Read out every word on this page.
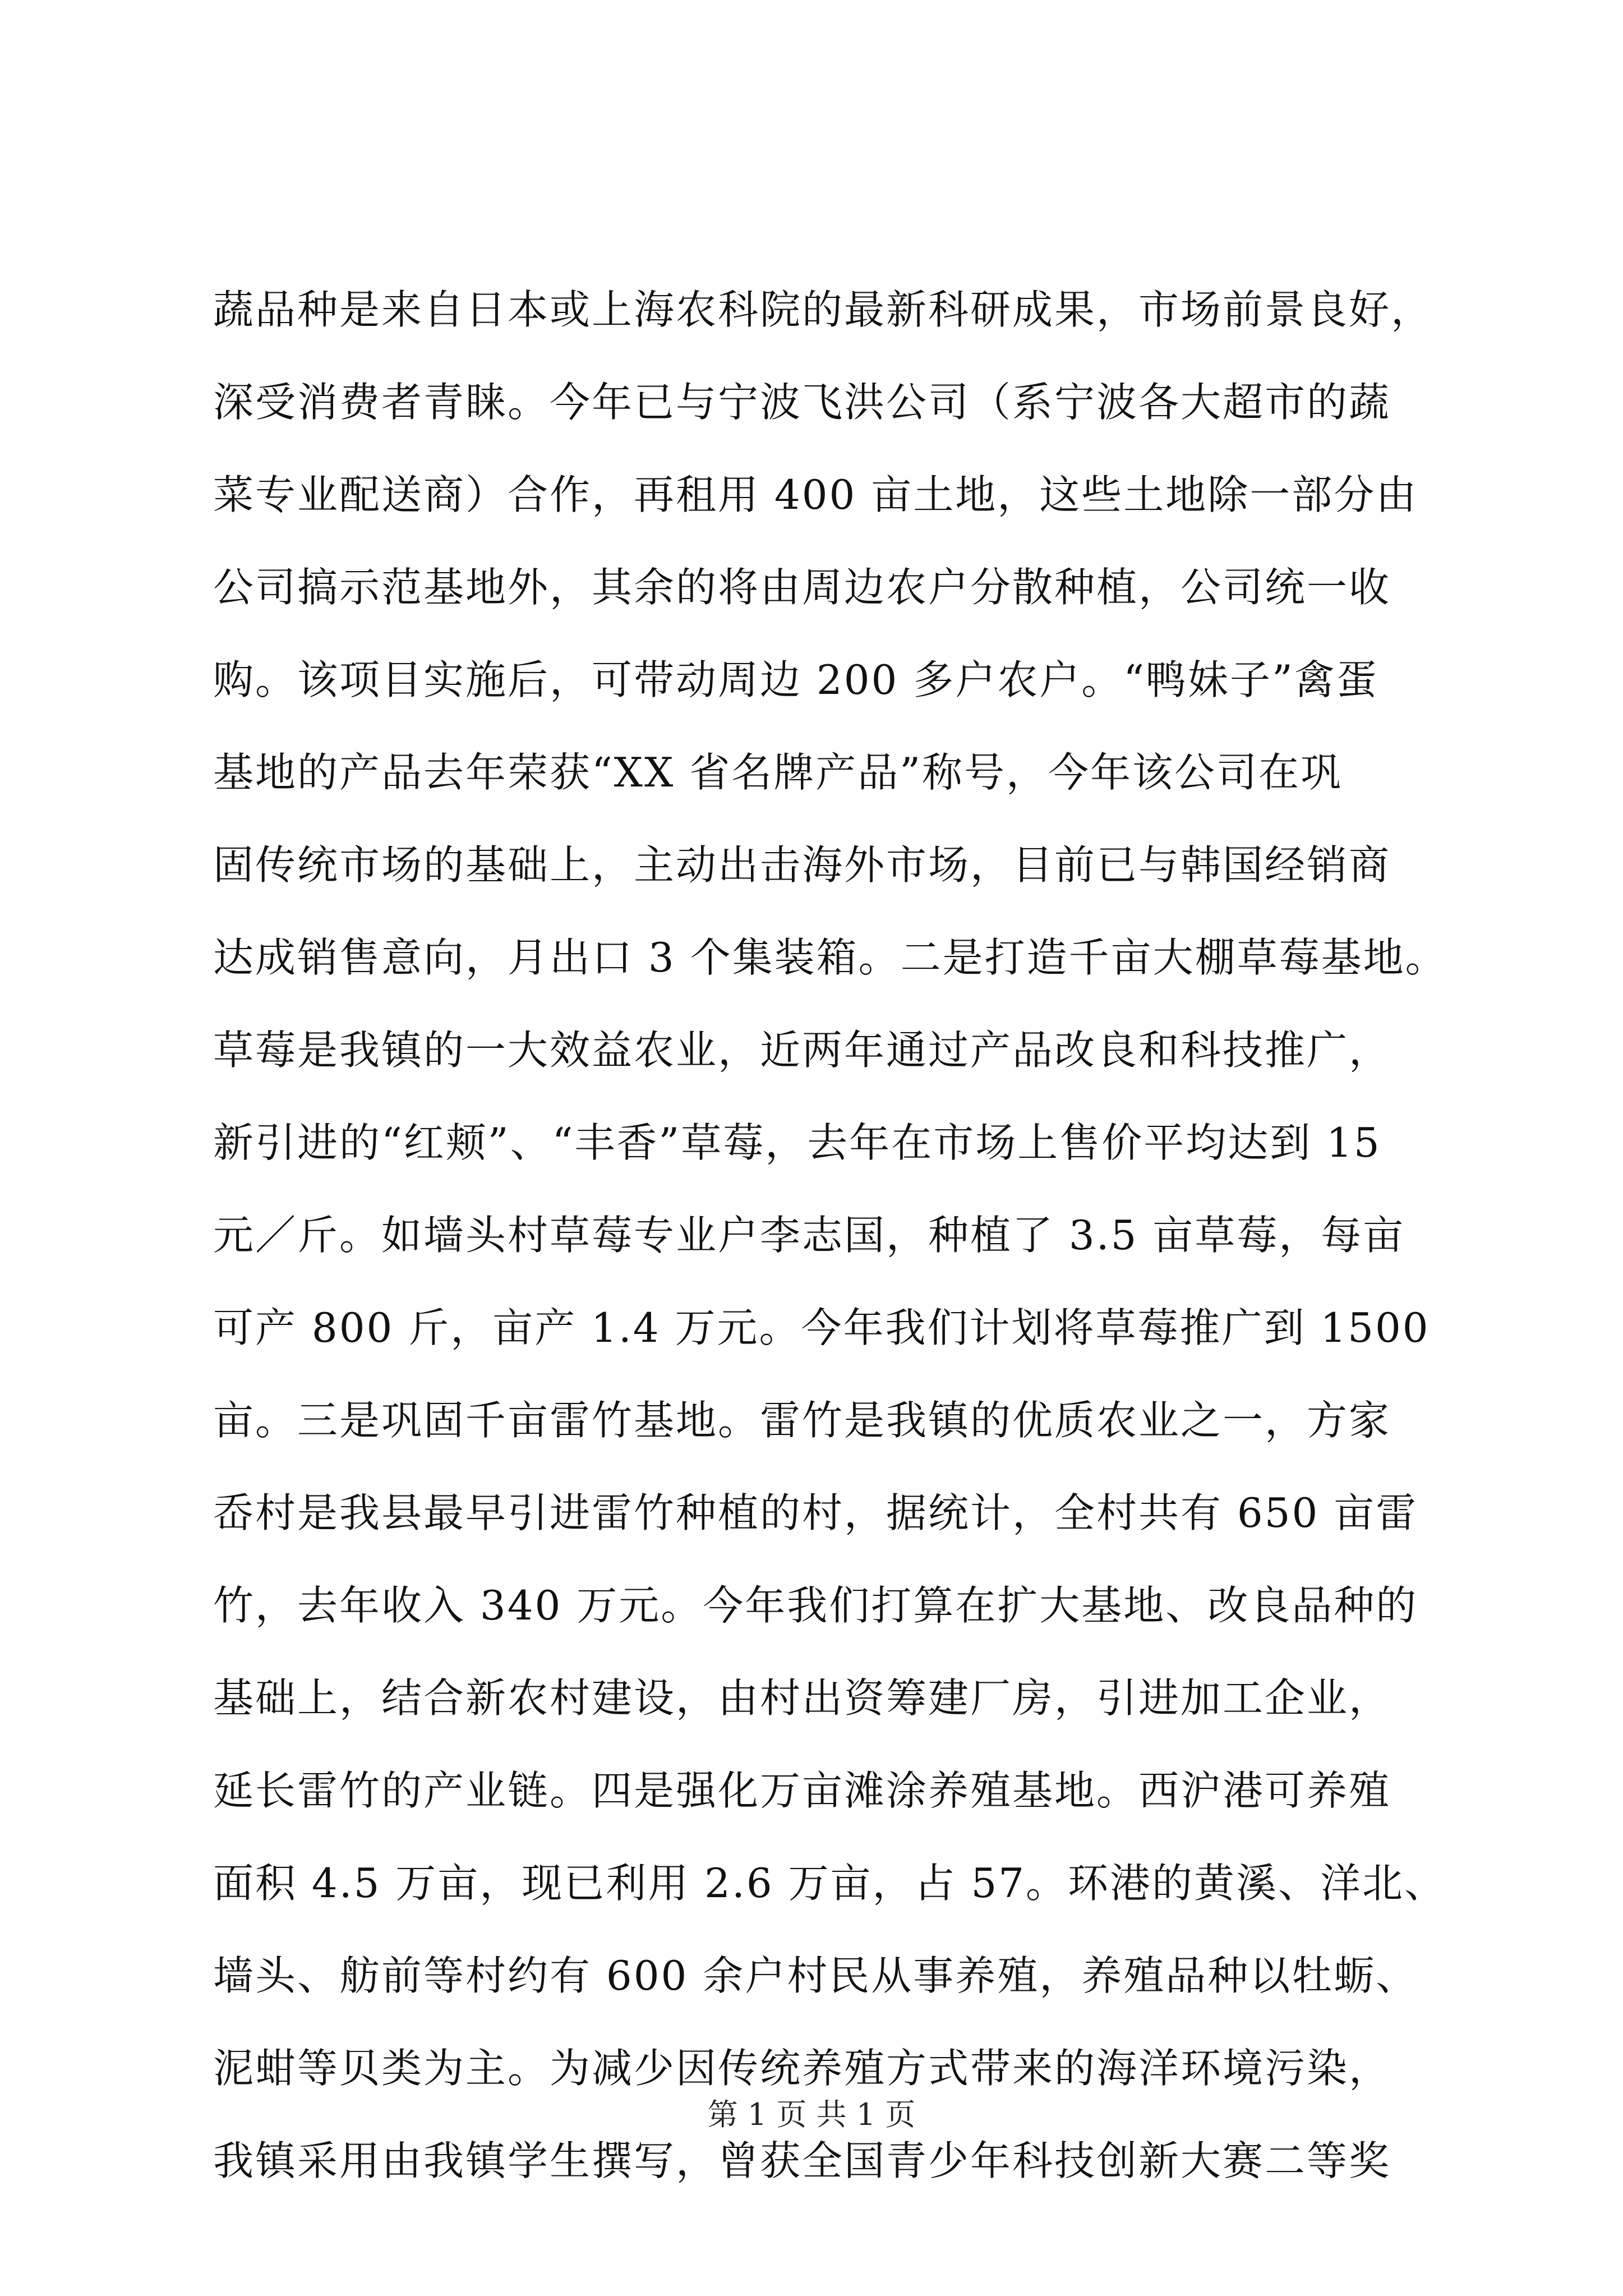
蔬品种是来自日本或上海农科院的最新科研成果，市场前景良好，
深受消费者青睐。今年已与宁波飞洪公司（系宁波各大超市的蔬
菜专业配送商）合作，再租用 400 亩土地，这些土地除一部分由
公司搞示范基地外，其余的将由周边农户分散种植，公司统一收
购。该项目实施后，可带动周边 200 多户农户。“鸭妹子”禽蛋
基地的产品去年荣获“XX 省名牌产品”称号，今年该公司在巩
固传统市场的基础上，主动出击海外市场，目前已与韩国经销商
达成销售意向，月出口 3 个集装箱。二是打造千亩大棚草莓基地。
草莓是我镇的一大效益农业，近两年通过产品改良和科技推广，
新引进的“红颊”、“丰香”草莓，去年在市场上售价平均达到 15
元／斤。如墙头村草莓专业户李志国，种植了 3.5 亩草莓，每亩
可产 800 斤，亩产 1.4 万元。今年我们计划将草莓推广到 1500
亩。三是巩固千亩雷竹基地。雷竹是我镇的优质农业之一，方家
岙村是我县最早引进雷竹种植的村，据统计，全村共有 650 亩雷
竹，去年收入 340 万元。今年我们打算在扩大基地、改良品种的
基础上，结合新农村建设，由村出资筹建厂房，引进加工企业，
延长雷竹的产业链。四是强化万亩滩涂养殖基地。西沪港可养殖
面积 4.5 万亩，现已利用 2.6 万亩，占 57。环港的黄溪、洋北、
墙头、舫前等村约有 600 余户村民从事养殖，养殖品种以牡蛎、
泥蚶等贝类为主。为减少因传统养殖方式带来的海洋环境污染，
我镇采用由我镇学生撰写，曾获全国青少年科技创新大赛二等奖
第 1 页 共 1 页
